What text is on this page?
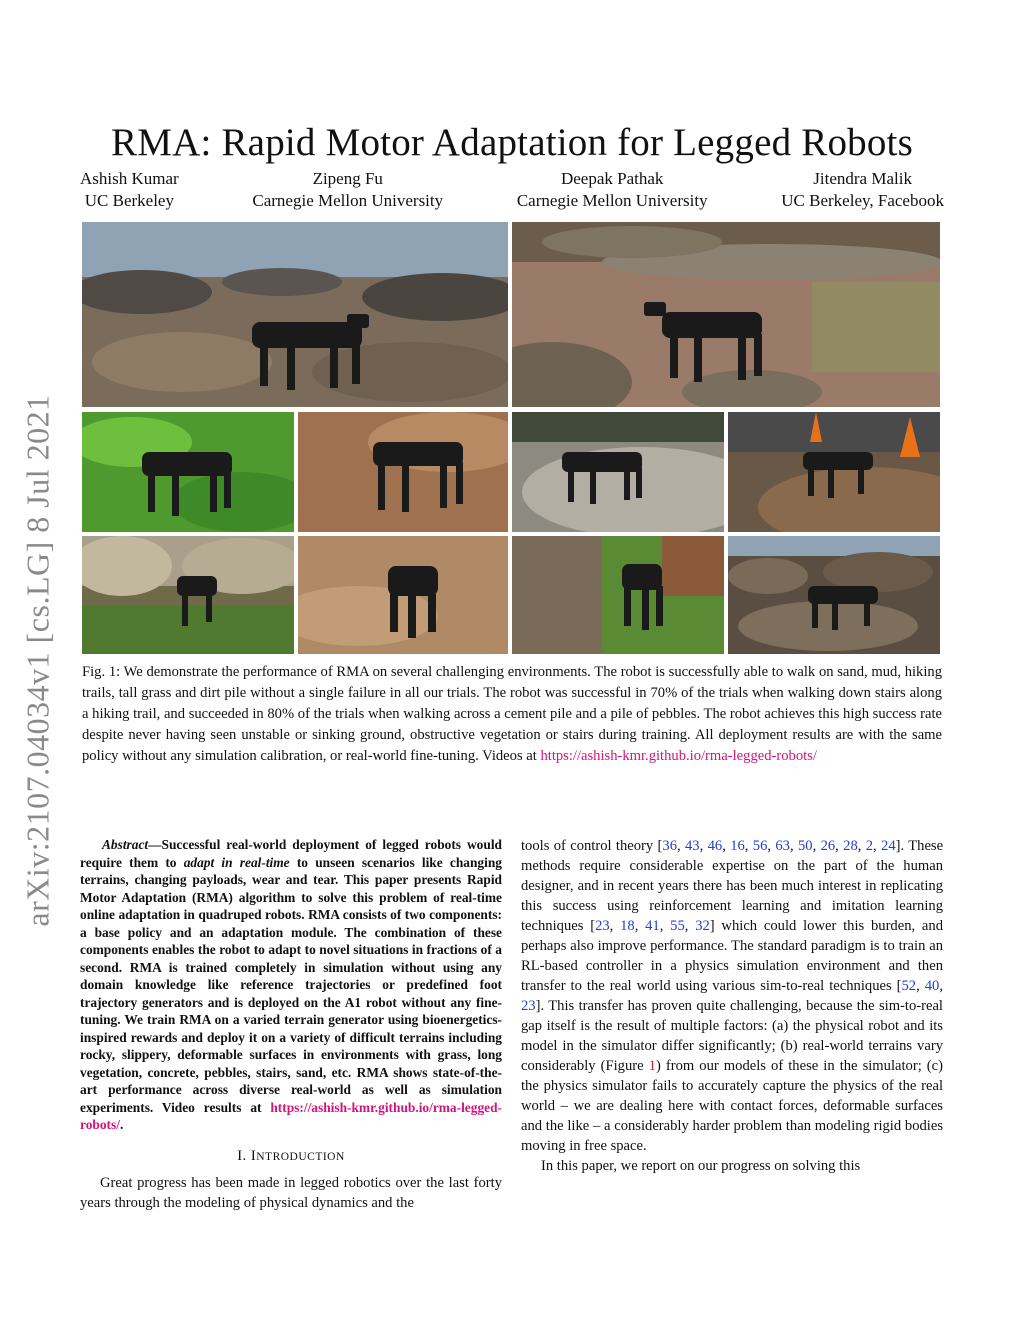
arXiv:2107.04034v1 [cs.LG] 8 Jul 2021
RMA: Rapid Motor Adaptation for Legged Robots
Ashish Kumar
UC Berkeley
Zipeng Fu
Carnegie Mellon University
Deepak Pathak
Carnegie Mellon University
Jitendra Malik
UC Berkeley, Facebook
Fig. 1: We demonstrate the performance of RMA on several challenging environments. The robot is successfully able to walk on sand, mud, hiking trails, tall grass and dirt pile without a single failure in all our trials. The robot was successful in 70% of the trials when walking down stairs along a hiking trail, and succeeded in 80% of the trials when walking across a cement pile and a pile of pebbles. The robot achieves this high success rate despite never having seen unstable or sinking ground, obstructive vegetation or stairs during training. All deployment results are with the same policy without any simulation calibration, or real-world fine-tuning. Videos at https://ashish-kmr.github.io/rma-legged-robots/

Abstract—Successful real-world deployment of legged robots would require them to adapt in real-time to unseen scenarios like changing terrains, changing payloads, wear and tear. This paper presents Rapid Motor Adaptation (RMA) algorithm to solve this problem of real-time online adaptation in quadruped robots. RMA consists of two components: a base policy and an adaptation module. The combination of these components enables the robot to adapt to novel situations in fractions of a second. RMA is trained completely in simulation without using any domain knowledge like reference trajectories or predefined foot trajectory generators and is deployed on the A1 robot without any fine-tuning. We train RMA on a varied terrain generator using bioenergetics-inspired rewards and deploy it on a variety of difficult terrains including rocky, slippery, deformable surfaces in environments with grass, long vegetation, concrete, pebbles, stairs, sand, etc. RMA shows state-of-the-art performance across diverse real-world as well as simulation experiments. Video results at https://ashish-kmr.github.io/rma-legged-robots/.

I. INTRODUCTION

Great progress has been made in legged robotics over the last forty years through the modeling of physical dynamics and the

tools of control theory [36, 43, 46, 16, 56, 63, 50, 26, 28, 2, 24]. These methods require considerable expertise on the part of the human designer, and in recent years there has been much interest in replicating this success using reinforcement learning and imitation learning techniques [23, 18, 41, 55, 32] which could lower this burden, and perhaps also improve performance. The standard paradigm is to train an RL-based controller in a physics simulation environment and then transfer to the real world using various sim-to-real techniques [52, 40, 23]. This transfer has proven quite challenging, because the sim-to-real gap itself is the result of multiple factors: (a) the physical robot and its model in the simulator differ significantly; (b) real-world terrains vary considerably (Figure 1) from our models of these in the simulator; (c) the physics simulator fails to accurately capture the physics of the real world – we are dealing here with contact forces, deformable surfaces and the like – a considerably harder problem than modeling rigid bodies moving in free space.

In this paper, we report on our progress on solving this
